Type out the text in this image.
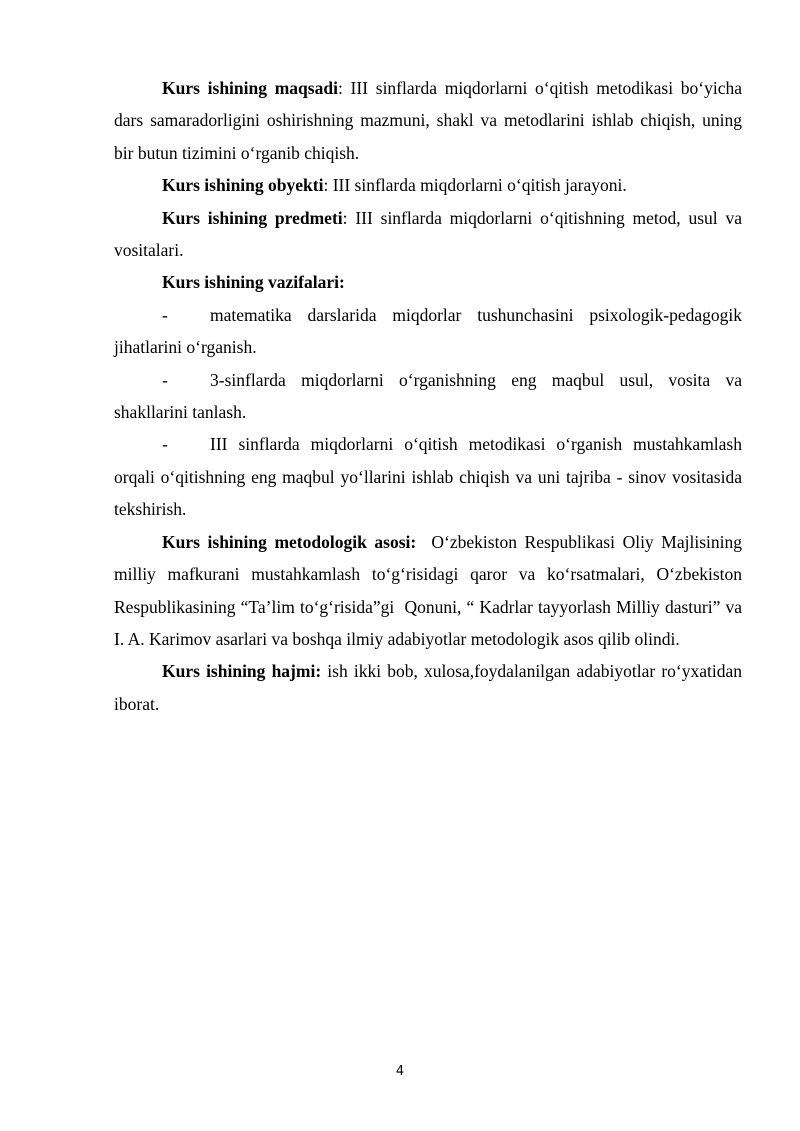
Kurs ishining maqsadi: III sinflarda miqdorlarni o‘qitish metodikasi bo‘yicha dars samaradorligini oshirishning mazmuni, shakl va metodlarini ishlab chiqish, uning bir butun tizimini o‘rganib chiqish.

Kurs ishining obyekti: III sinflarda miqdorlarni o‘qitish jarayoni.

Kurs ishining predmeti: III sinflarda miqdorlarni o‘qitishning metod, usul va vositalari.

Kurs ishining vazifalari:

- matematika darslarida miqdorlar tushunchasini psixologik-pedagogik jihatlarini o‘rganish.

- 3-sinflarda miqdorlarni o‘rganishning eng maqbul usul, vosita va shakllarini tanlash.

- III sinflarda miqdorlarni o‘qitish metodikasi o‘rganish mustahkamlash orqali o‘qitishning eng maqbul yo‘llarini ishlab chiqish va uni tajriba - sinov vositasida tekshirish.

Kurs ishining metodologik asosi:  O‘zbekiston Respublikasi Oliy Majlisining milliy mafkurani mustahkamlash to‘g‘risidagi qaror va ko‘rsatmalari, O‘zbekiston Respublikasining “Ta’lim to‘g‘risida”gi  Qonuni, “ Kadrlar tayyorlash Milliy dasturi” va I. A. Karimov asarlari va boshqa ilmiy adabiyotlar metodologik asos qilib olindi.

Kurs ishining hajmi: ish ikki bob, xulosa,foydalanilgan adabiyotlar ro‘yxatidan iborat.

4
